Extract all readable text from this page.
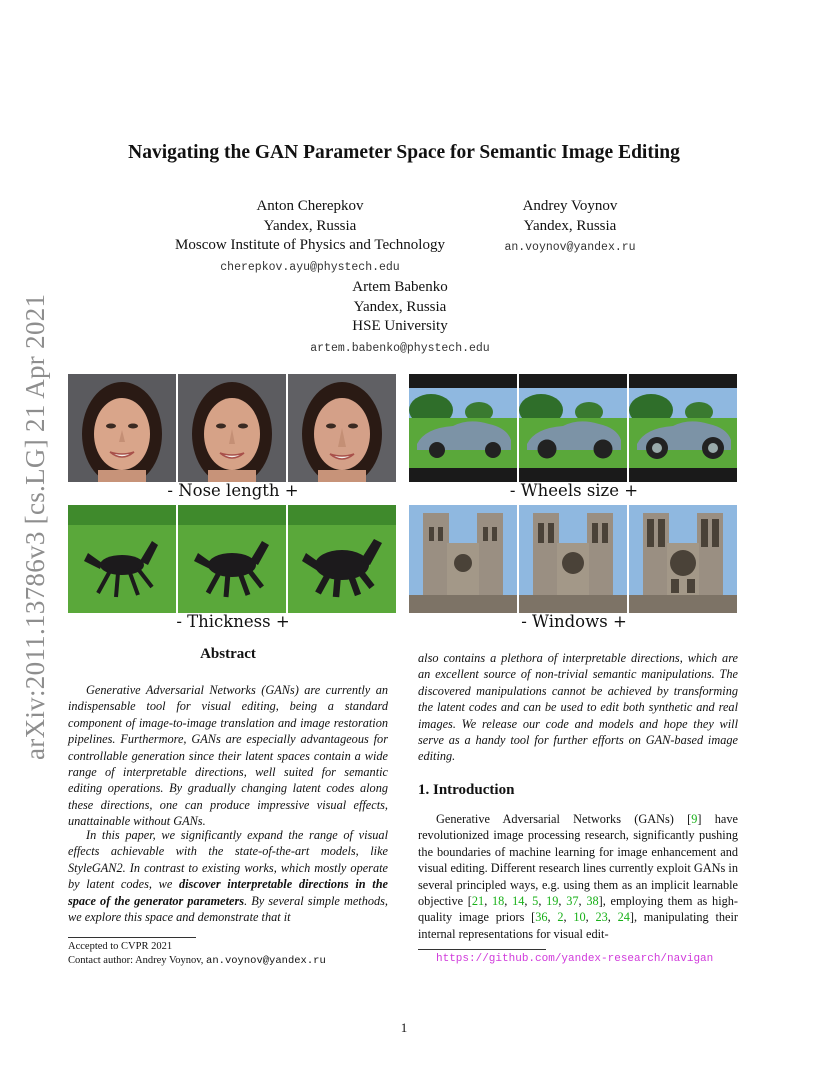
arXiv:2011.13786v3 [cs.LG] 21 Apr 2021
Navigating the GAN Parameter Space for Semantic Image Editing
Anton Cherepkov
Yandex, Russia
Moscow Institute of Physics and Technology
cherepkov.ayu@phystech.edu
Andrey Voynov
Yandex, Russia
an.voynov@yandex.ru
Artem Babenko
Yandex, Russia
HSE University
artem.babenko@phystech.edu
- Nose length +	- Wheels size +
- Thickness +	- Windows +
Abstract
Generative Adversarial Networks (GANs) are currently an indispensable tool for visual editing, being a standard component of image-to-image translation and image restoration pipelines. Furthermore, GANs are especially advantageous for controllable generation since their latent spaces contain a wide range of interpretable directions, well suited for semantic editing operations. By gradually changing latent codes along these directions, one can produce impressive visual effects, unattainable without GANs.
In this paper, we significantly expand the range of visual effects achievable with the state-of-the-art models, like StyleGAN2. In contrast to existing works, which mostly operate by latent codes, we discover interpretable directions in the space of the generator parameters. By several simple methods, we explore this space and demonstrate that it
also contains a plethora of interpretable directions, which are an excellent source of non-trivial semantic manipulations. The discovered manipulations cannot be achieved by transforming the latent codes and can be used to edit both synthetic and real images. We release our code and models and hope they will serve as a handy tool for further efforts on GAN-based image editing.
Accepted to CVPR 2021
Contact author: Andrey Voynov, an.voynov@yandex.ru
1. Introduction
Generative Adversarial Networks (GANs) [9] have revolutionized image processing research, significantly pushing the boundaries of machine learning for image enhancement and visual editing. Different research lines currently exploit GANs in several principled ways, e.g. using them as an implicit learnable objective [21, 18, 14, 5, 19, 37, 38], employing them as high-quality image priors [36, 2, 10, 23, 24], manipulating their internal representations for visual edit-
https://github.com/yandex-research/navigan
1
